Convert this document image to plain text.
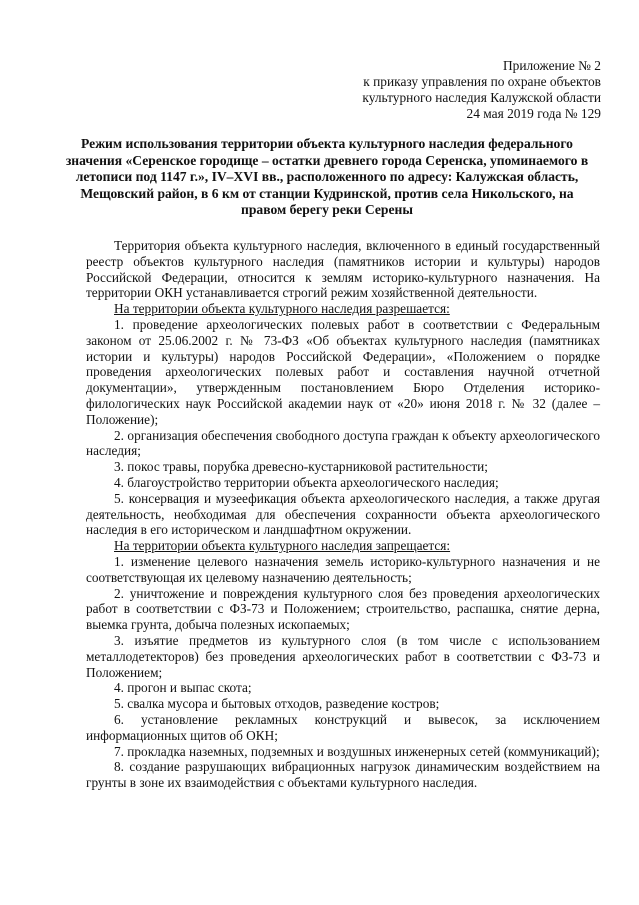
Приложение № 2
к приказу управления по охране объектов
культурного наследия Калужской области
24 мая 2019 года № 129
Режим использования территории объекта культурного наследия федерального значения «Серенское городище – остатки древнего города Серенска, упоминаемого в летописи под 1147 г.», IV–XVI вв., расположенного по адресу: Калужская область, Мещовский район, в 6 км от станции Кудринской, против села Никольского, на правом берегу реки Серены

Территория объекта культурного наследия, включенного в единый государственный реестр объектов культурного наследия (памятников истории и культуры) народов Российской Федерации, относится к землям историко-культурного назначения. На территории ОКН устанавливается строгий режим хозяйственной деятельности.

На территории объекта культурного наследия разрешается:

1. проведение археологических полевых работ в соответствии с Федеральным законом от 25.06.2002 г. № 73-ФЗ «Об объектах культурного наследия (памятниках истории и культуры) народов Российской Федерации», «Положением о порядке проведения археологических полевых работ и составления научной отчетной документации», утвержденным постановлением Бюро Отделения историко-филологических наук Российской академии наук от «20» июня 2018 г. № 32 (далее – Положение);

2. организация обеспечения свободного доступа граждан к объекту археологического наследия;

3. покос травы, порубка древесно-кустарниковой растительности;

4. благоустройство территории объекта археологического наследия;

5. консервация и музеефикация объекта археологического наследия, а также другая деятельность, необходимая для обеспечения сохранности объекта археологического наследия в его историческом и ландшафтном окружении.

На территории объекта культурного наследия запрещается:

1. изменение целевого назначения земель историко-культурного назначения и не соответствующая их целевому назначению деятельность;

2. уничтожение и повреждения культурного слоя без проведения археологических работ в соответствии с ФЗ-73 и Положением; строительство, распашка, снятие дерна, выемка грунта, добыча полезных ископаемых;

3. изъятие предметов из культурного слоя (в том числе с использованием металлодетекторов) без проведения археологических работ в соответствии с ФЗ-73 и Положением;

4. прогон и выпас скота;

5. свалка мусора и бытовых отходов, разведение костров;

6. установление рекламных конструкций и вывесок, за исключением информационных щитов об ОКН;

7. прокладка наземных, подземных и воздушных инженерных сетей (коммуникаций);

8. создание разрушающих вибрационных нагрузок динамическим воздействием на грунты в зоне их взаимодействия с объектами культурного наследия.
